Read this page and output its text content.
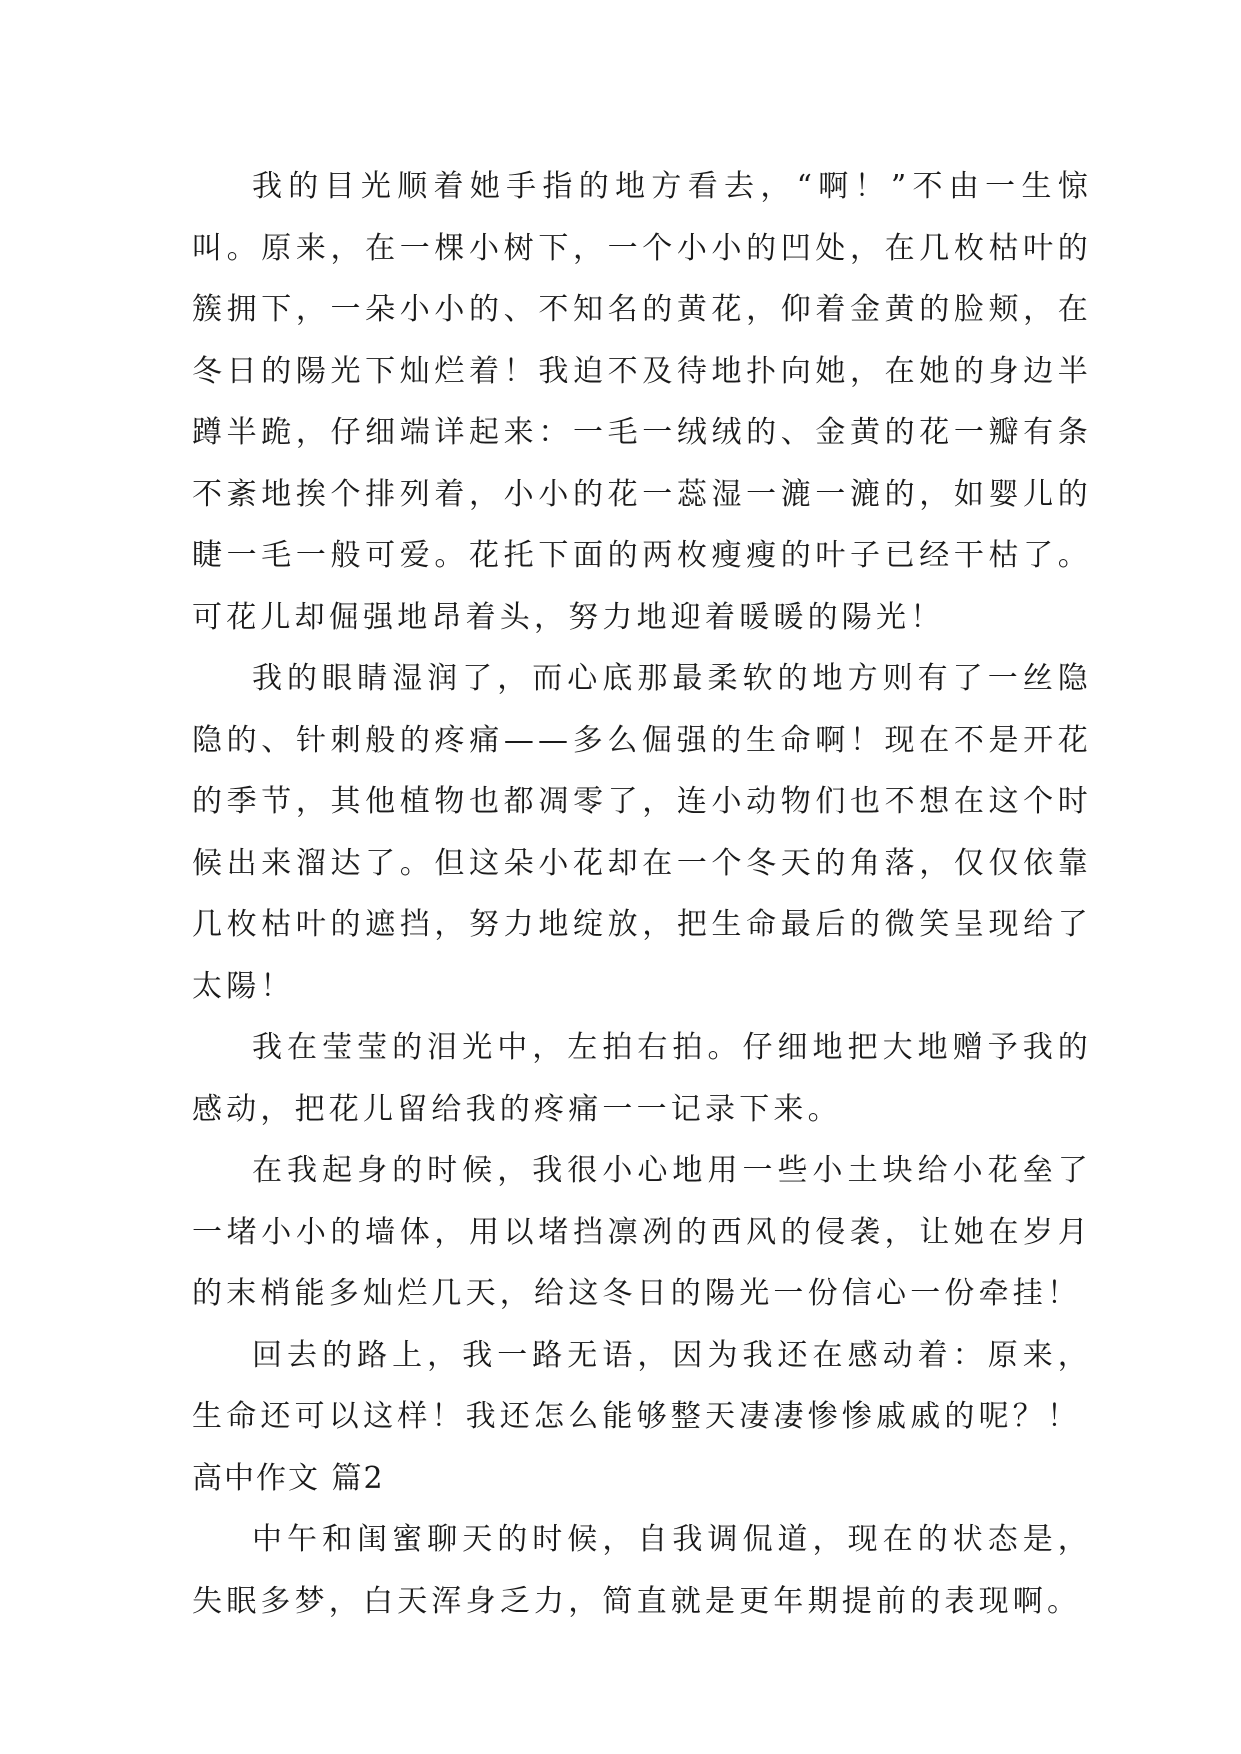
我的目光顺着她手指的地方看去，“啊！”不由一生惊叫。原来，在一棵小树下，一个小小的凹处，在几枚枯叶的簇拥下，一朵小小的、不知名的黄花，仰着金黄的脸颊，在冬日的陽光下灿烂着！我迫不及待地扑向她，在她的身边半蹲半跪，仔细端详起来：一毛一绒绒的、金黄的花一瓣有条不紊地挨个排列着，小小的花一蕊湿一漉一漉的，如婴儿的睫一毛一般可爱。花托下面的两枚瘦瘦的叶子已经干枯了。可花儿却倔强地昂着头，努力地迎着暖暖的陽光！

我的眼睛湿润了，而心底那最柔软的地方则有了一丝隐隐的、针刺般的疼痛——多么倔强的生命啊！现在不是开花的季节，其他植物也都凋零了，连小动物们也不想在这个时候出来溜达了。但这朵小花却在一个冬天的角落，仅仅依靠几枚枯叶的遮挡，努力地绽放，把生命最后的微笑呈现给了太陽！

我在莹莹的泪光中，左拍右拍。仔细地把大地赠予我的感动，把花儿留给我的疼痛一一记录下来。

在我起身的时候，我很小心地用一些小土块给小花垒了一堵小小的墙体，用以堵挡凛冽的西风的侵袭，让她在岁月的末梢能多灿烂几天，给这冬日的陽光一份信心一份牵挂！

回去的路上，我一路无语，因为我还在感动着：原来，生命还可以这样！我还怎么能够整天凄凄惨惨戚戚的呢？！

高中作文 篇2

中午和闺蜜聊天的时候，自我调侃道，现在的状态是，失眠多梦，白天浑身乏力，简直就是更年期提前的表现啊。
